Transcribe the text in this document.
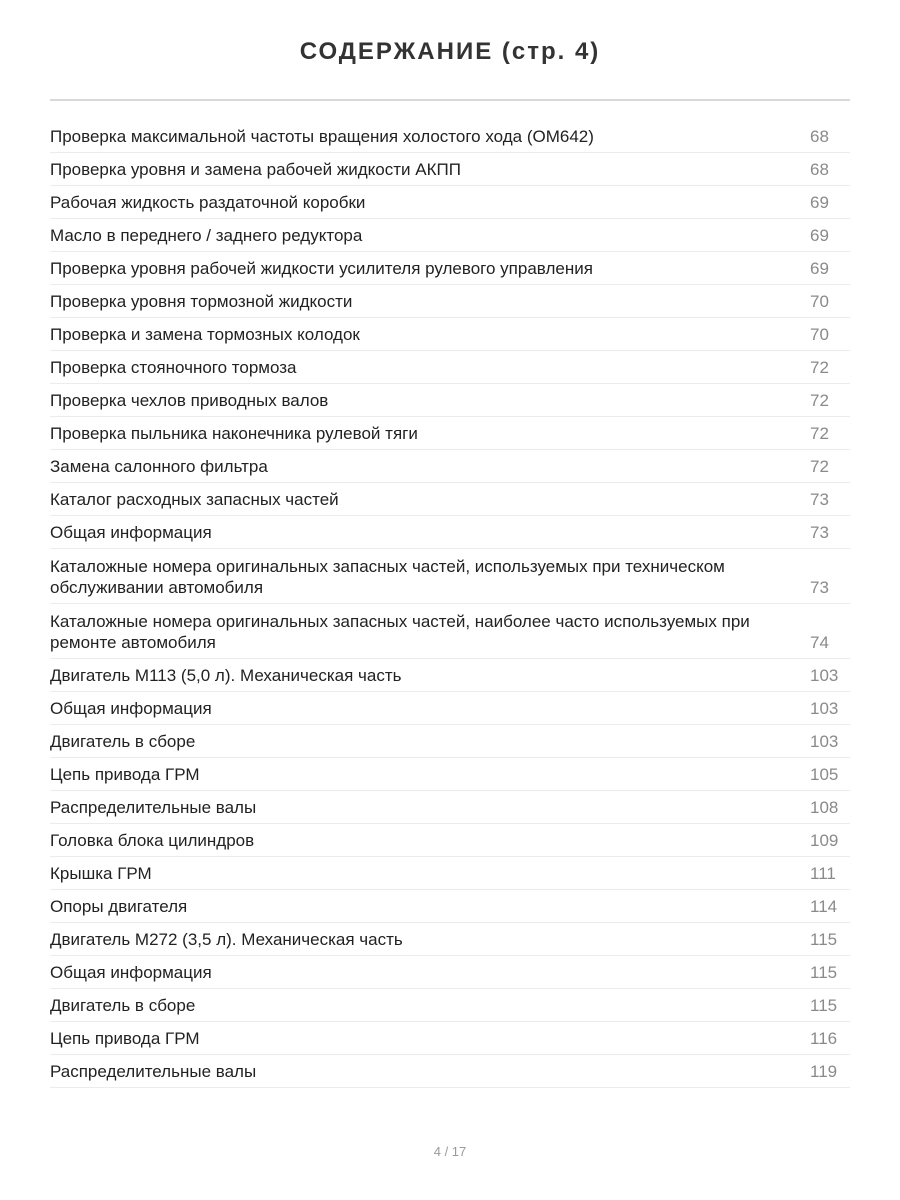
СОДЕРЖАНИЕ (стр. 4)
Проверка максимальной частоты вращения холостого хода (OM642)	68
Проверка уровня и замена рабочей жидкости АКПП	68
Рабочая жидкость раздаточной коробки	69
Масло в переднего / заднего редуктора	69
Проверка уровня рабочей жидкости усилителя рулевого управления	69
Проверка уровня тормозной жидкости	70
Проверка и замена тормозных колодок	70
Проверка стояночного тормоза	72
Проверка чехлов приводных валов	72
Проверка пыльника наконечника рулевой тяги	72
Замена салонного фильтра	72
Каталог расходных запасных частей	73
Общая информация	73
Каталожные номера оригинальных запасных частей, используемых при техническом обслуживании автомобиля	73
Каталожные номера оригинальных запасных частей, наиболее часто используемых при ремонте автомобиля	74
Двигатель M113 (5,0 л). Механическая часть	103
Общая информация	103
Двигатель в сборе	103
Цепь привода ГРМ	105
Распределительные валы	108
Головка блока цилиндров	109
Крышка ГРМ	111
Опоры двигателя	114
Двигатель M272 (3,5 л). Механическая часть	115
Общая информация	115
Двигатель в сборе	115
Цепь привода ГРМ	116
Распределительные валы	119
4 / 17
